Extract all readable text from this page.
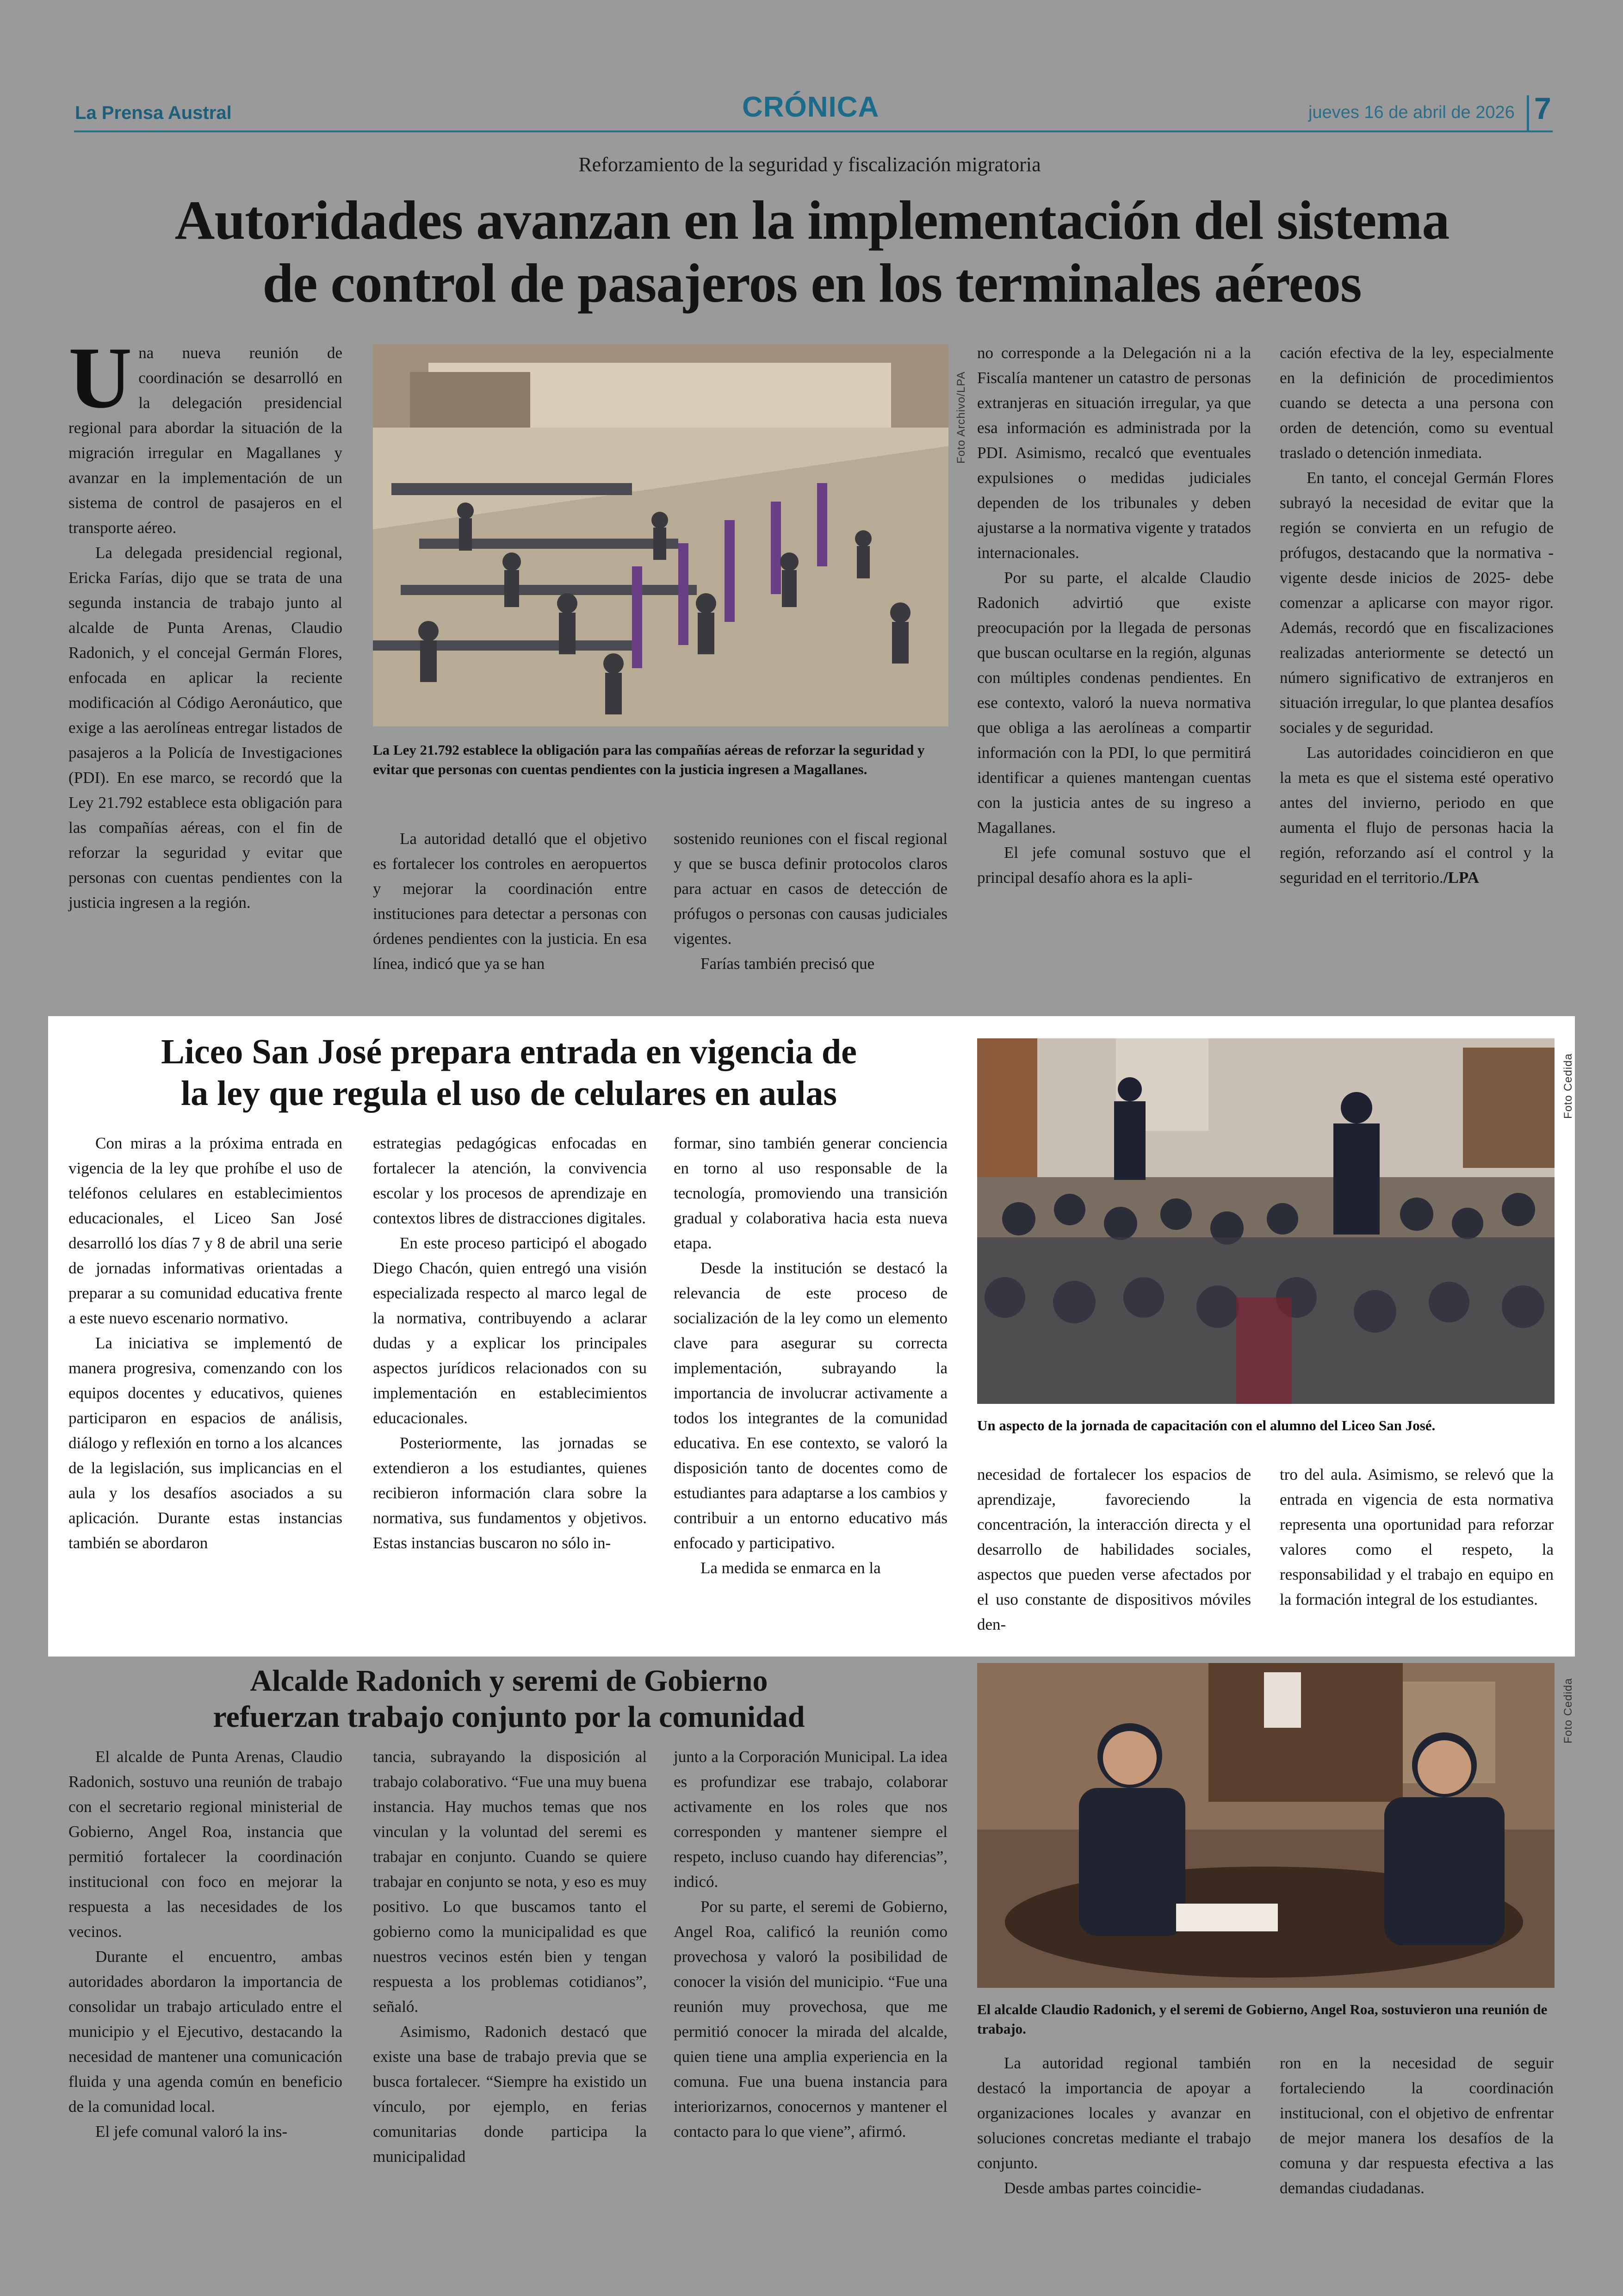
La Prensa Austral	CRÓNICA	jueves 16 de abril de 2026 7
Reforzamiento de la seguridad y fiscalización migratoria
Autoridades avanzan en la implementación del sistema
de control de pasajeros en los terminales aéreos

Una nueva reunión de coordinación se desarrolló en la delegación presidencial regional para abordar la situación de la migración irregular en Magallanes y avanzar en la implementación de un sistema de control de pasajeros en el transporte aéreo.

La delegada presidencial regional, Ericka Farías, dijo que se trata de una segunda instancia de trabajo junto al alcalde de Punta Arenas, Claudio Radonich, y el concejal Germán Flores, enfocada en aplicar la reciente modificación al Código Aeronáutico, que exige a las aerolíneas entregar listados de pasajeros a la Policía de Investigaciones (PDI). En ese marco, se recordó que la Ley 21.792 establece esta obligación para las compañías aéreas, con el fin de reforzar la seguridad y evitar que personas con cuentas pendientes con la justicia ingresen a la región.

Foto Archivo/LPA

La Ley 21.792 establece la obligación para las compañías aéreas de reforzar la seguridad y evitar que personas con cuentas pendientes con la justicia ingresen a Magallanes.

La autoridad detalló que el objetivo es fortalecer los controles en aeropuertos y mejorar la coordinación entre instituciones para detectar a personas con órdenes pendientes con la justicia. En esa línea, indicó que ya se han

sostenido reuniones con el fiscal regional y que se busca definir protocolos claros para actuar en casos de detección de prófugos o personas con causas judiciales vigentes.

Farías también precisó que

no corresponde a la Delegación ni a la Fiscalía mantener un catastro de personas extranjeras en situación irregular, ya que esa información es administrada por la PDI. Asimismo, recalcó que eventuales expulsiones o medidas judiciales dependen de los tribunales y deben ajustarse a la normativa vigente y tratados internacionales.

Por su parte, el alcalde Claudio Radonich advirtió que existe preocupación por la llegada de personas que buscan ocultarse en la región, algunas con múltiples condenas pendientes. En ese contexto, valoró la nueva normativa que obliga a las aerolíneas a compartir información con la PDI, lo que permitirá identificar a quienes mantengan cuentas con la justicia antes de su ingreso a Magallanes.

El jefe comunal sostuvo que el principal desafío ahora es la apli-

cación efectiva de la ley, especialmente en la definición de procedimientos cuando se detecta a una persona con orden de detención, como su eventual traslado o detención inmediata.

En tanto, el concejal Germán Flores subrayó la necesidad de evitar que la región se convierta en un refugio de prófugos, destacando que la normativa -vigente desde inicios de 2025- debe comenzar a aplicarse con mayor rigor. Además, recordó que en fiscalizaciones realizadas anteriormente se detectó un número significativo de extranjeros en situación irregular, lo que plantea desafíos sociales y de seguridad.

Las autoridades coincidieron en que la meta es que el sistema esté operativo antes del invierno, periodo en que aumenta el flujo de personas hacia la región, reforzando así el control y la seguridad en el territorio./LPA

Liceo San José prepara entrada en vigencia de
la ley que regula el uso de celulares en aulas

Con miras a la próxima entrada en vigencia de la ley que prohíbe el uso de teléfonos celulares en establecimientos educacionales, el Liceo San José desarrolló los días 7 y 8 de abril una serie de jornadas informativas orientadas a preparar a su comunidad educativa frente a este nuevo escenario normativo.

La iniciativa se implementó de manera progresiva, comenzando con los equipos docentes y educativos, quienes participaron en espacios de análisis, diálogo y reflexión en torno a los alcances de la legislación, sus implicancias en el aula y los desafíos asociados a su aplicación. Durante estas instancias también se abordaron

estrategias pedagógicas enfocadas en fortalecer la atención, la convivencia escolar y los procesos de aprendizaje en contextos libres de distracciones digitales.

En este proceso participó el abogado Diego Chacón, quien entregó una visión especializada respecto al marco legal de la normativa, contribuyendo a aclarar dudas y a explicar los principales aspectos jurídicos relacionados con su implementación en establecimientos educacionales.

Posteriormente, las jornadas se extendieron a los estudiantes, quienes recibieron información clara sobre la normativa, sus fundamentos y objetivos. Estas instancias buscaron no sólo in-

formar, sino también generar conciencia en torno al uso responsable de la tecnología, promoviendo una transición gradual y colaborativa hacia esta nueva etapa.

Desde la institución se destacó la relevancia de este proceso de socialización de la ley como un elemento clave para asegurar su correcta implementación, subrayando la importancia de involucrar activamente a todos los integrantes de la comunidad educativa. En ese contexto, se valoró la disposición tanto de docentes como de estudiantes para adaptarse a los cambios y contribuir a un entorno educativo más enfocado y participativo.

La medida se enmarca en la

Foto Cedida

Un aspecto de la jornada de capacitación con el alumno del Liceo San José.

necesidad de fortalecer los espacios de aprendizaje, favoreciendo la concentración, la interacción directa y el desarrollo de habilidades sociales, aspectos que pueden verse afectados por el uso constante de dispositivos móviles den-

tro del aula. Asimismo, se relevó que la entrada en vigencia de esta normativa representa una oportunidad para reforzar valores como el respeto, la responsabilidad y el trabajo en equipo en la formación integral de los estudiantes.

Alcalde Radonich y seremi de Gobierno
refuerzan trabajo conjunto por la comunidad

El alcalde de Punta Arenas, Claudio Radonich, sostuvo una reunión de trabajo con el secretario regional ministerial de Gobierno, Angel Roa, instancia que permitió fortalecer la coordinación institucional con foco en mejorar la respuesta a las necesidades de los vecinos.

Durante el encuentro, ambas autoridades abordaron la importancia de consolidar un trabajo articulado entre el municipio y el Ejecutivo, destacando la necesidad de mantener una comunicación fluida y una agenda común en beneficio de la comunidad local.

El jefe comunal valoró la ins-

tancia, subrayando la disposición al trabajo colaborativo. “Fue una muy buena instancia. Hay muchos temas que nos vinculan y la voluntad del seremi es trabajar en conjunto. Cuando se quiere trabajar en conjunto se nota, y eso es muy positivo. Lo que buscamos tanto el gobierno como la municipalidad es que nuestros vecinos estén bien y tengan respuesta a los problemas cotidianos”, señaló.

Asimismo, Radonich destacó que existe una base de trabajo previa que se busca fortalecer. “Siempre ha existido un vínculo, por ejemplo, en ferias comunitarias donde participa la municipalidad

junto a la Corporación Municipal. La idea es profundizar ese trabajo, colaborar activamente en los roles que nos corresponden y mantener siempre el respeto, incluso cuando hay diferencias”, indicó.

Por su parte, el seremi de Gobierno, Angel Roa, calificó la reunión como provechosa y valoró la posibilidad de conocer la visión del municipio. “Fue una reunión muy provechosa, que me permitió conocer la mirada del alcalde, quien tiene una amplia experiencia en la comuna. Fue una buena instancia para interiorizarnos, conocernos y mantener el contacto para lo que viene”, afirmó.

Foto Cedida

El alcalde Claudio Radonich, y el seremi de Gobierno, Angel Roa, sostuvieron una reunión de trabajo.

La autoridad regional también destacó la importancia de apoyar a organizaciones locales y avanzar en soluciones concretas mediante el trabajo conjunto.

Desde ambas partes coincidie-

ron en la necesidad de seguir fortaleciendo la coordinación institucional, con el objetivo de enfrentar de mejor manera los desafíos de la comuna y dar respuesta efectiva a las demandas ciudadanas.
